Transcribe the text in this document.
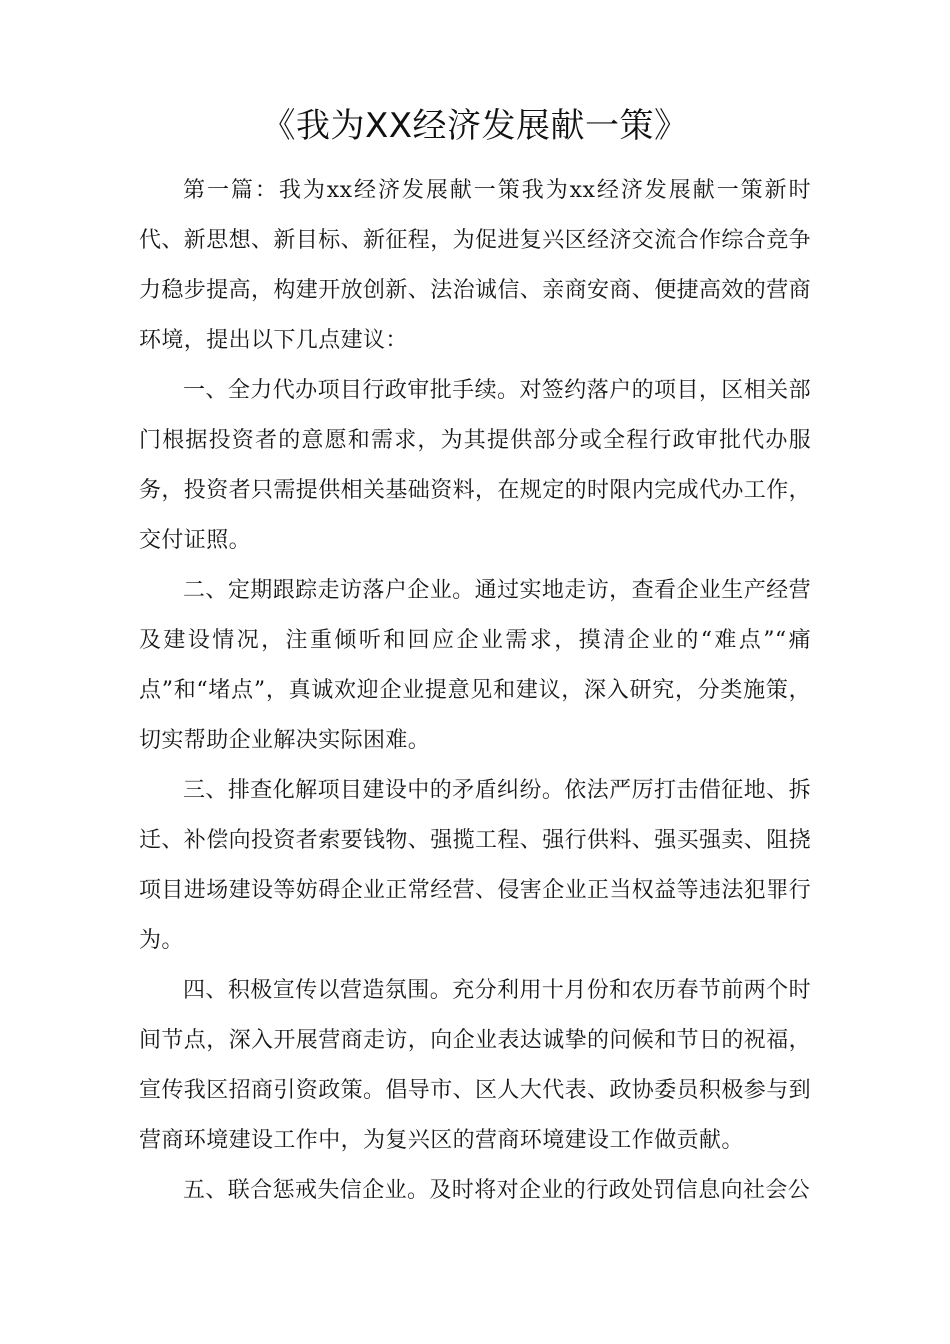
《我为XX经济发展献一策》

第一篇：我为xx经济发展献一策我为xx经济发展献一策新时代、新思想、新目标、新征程，为促进复兴区经济交流合作综合竞争力稳步提高，构建开放创新、法治诚信、亲商安商、便捷高效的营商环境，提出以下几点建议：

一、全力代办项目行政审批手续。对签约落户的项目，区相关部门根据投资者的意愿和需求，为其提供部分或全程行政审批代办服务，投资者只需提供相关基础资料，在规定的时限内完成代办工作，交付证照。

二、定期跟踪走访落户企业。通过实地走访，查看企业生产经营及建设情况，注重倾听和回应企业需求，摸清企业的“难点”“痛点”和“堵点”，真诚欢迎企业提意见和建议，深入研究，分类施策，切实帮助企业解决实际困难。

三、排查化解项目建设中的矛盾纠纷。依法严厉打击借征地、拆迁、补偿向投资者索要钱物、强揽工程、强行供料、强买强卖、阻挠项目进场建设等妨碍企业正常经营、侵害企业正当权益等违法犯罪行为。

四、积极宣传以营造氛围。充分利用十月份和农历春节前两个时间节点，深入开展营商走访，向企业表达诚挚的问候和节日的祝福，宣传我区招商引资政策。倡导市、区人大代表、政协委员积极参与到营商环境建设工作中，为复兴区的营商环境建设工作做贡献。

五、联合惩戒失信企业。及时将对企业的行政处罚信息向社会公
